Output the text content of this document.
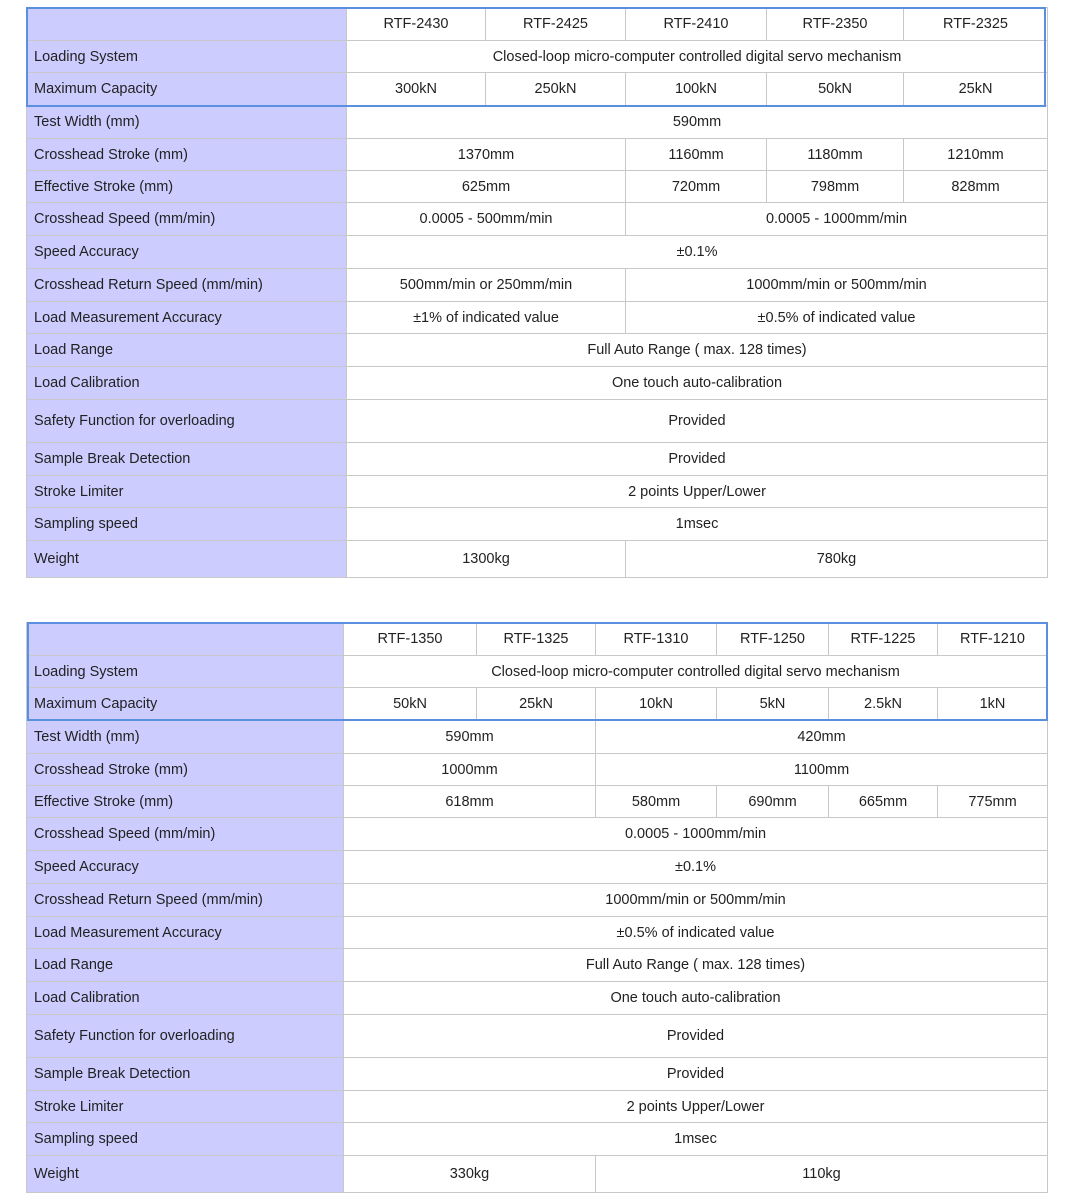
	RTF-2430	RTF-2425	RTF-2410	RTF-2350	RTF-2325
Loading System	Closed-loop micro-computer controlled digital servo mechanism				
Maximum Capacity	300kN	250kN	100kN	50kN	25kN
Test Width (mm)	590mm				
Crosshead Stroke (mm)	1370mm		1160mm	1180mm	1210mm
Effective Stroke (mm)	625mm		720mm	798mm	828mm
Crosshead Speed (mm/min)	0.0005 - 500mm/min		0.0005 - 1000mm/min		
Speed Accuracy	±0.1%				
Crosshead Return Speed (mm/min)	500mm/min or 250mm/min		1000mm/min or 500mm/min		
Load Measurement Accuracy	±1% of indicated value		±0.5% of indicated value		
Load Range	Full Auto Range ( max. 128 times)				
Load Calibration	One touch auto-calibration				
Safety Function for overloading	Provided				
Sample Break Detection	Provided				
Stroke Limiter	2 points Upper/Lower				
Sampling speed	1msec				
Weight	1300kg		780kg		
	RTF-1350	RTF-1325	RTF-1310	RTF-1250	RTF-1225	RTF-1210
Loading System	Closed-loop micro-computer controlled digital servo mechanism					
Maximum Capacity	50kN	25kN	10kN	5kN	2.5kN	1kN
Test Width (mm)	590mm		420mm			
Crosshead Stroke (mm)	1000mm		1100mm			
Effective Stroke (mm)	618mm		580mm	690mm	665mm	775mm
Crosshead Speed (mm/min)	0.0005 - 1000mm/min					
Speed Accuracy	±0.1%					
Crosshead Return Speed (mm/min)	1000mm/min or 500mm/min					
Load Measurement Accuracy	±0.5% of indicated value					
Load Range	Full Auto Range ( max. 128 times)					
Load Calibration	One touch auto-calibration					
Safety Function for overloading	Provided					
Sample Break Detection	Provided					
Stroke Limiter	2 points Upper/Lower					
Sampling speed	1msec					
Weight	330kg		110kg			
